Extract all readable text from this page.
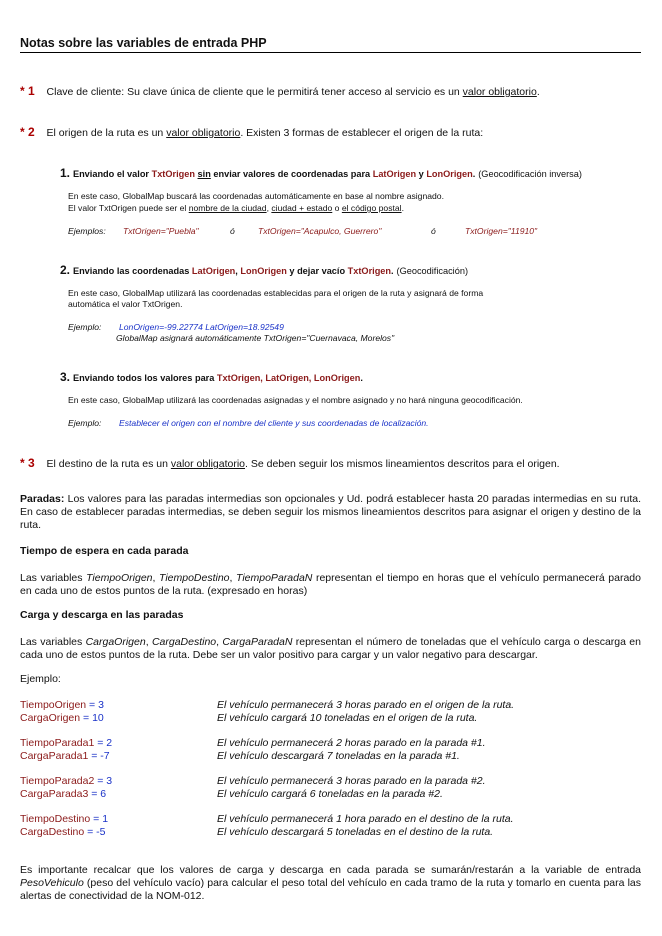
Notas sobre las variables de entrada PHP
* 1 Clave de cliente: Su clave única de cliente que le permitirá tener acceso al servicio es un valor obligatorio.
* 2 El origen de la ruta es un valor obligatorio. Existen 3 formas de establecer el origen de la ruta:
1. Enviando el valor TxtOrigen sin enviar valores de coordenadas para LatOrigen y LonOrigen. (Geocodificación inversa)
En este caso, GlobalMap buscará las coordenadas automáticamente en base al nombre asignado.
El valor TxtOrigen puede ser el nombre de la ciudad, ciudad + estado o el código postal.
Ejemplos: TxtOrigen="Puebla"	ó	TxtOrigen="Acapulco, Guerrero"	ó	TxtOrigen="11910"
2. Enviando las coordenadas LatOrigen, LonOrigen y dejar vacío TxtOrigen. (Geocodificación)
En este caso, GlobalMap utilizará las coordenadas establecidas para el origen de la ruta y asignará de forma
automática el valor TxtOrigen.
Ejemplo: LonOrigen=-99.22774 LatOrigen=18.92549
GlobalMap asignará automáticamente TxtOrigen="Cuernavaca, Morelos"
3. Enviando todos los valores para TxtOrigen, LatOrigen, LonOrigen.
En este caso, GlobalMap utilizará las coordenadas asignadas y el nombre asignado y no hará ninguna geocodificación.
Ejemplo: Establecer el origen con el nombre del cliente y sus coordenadas de localización.
* 3 El destino de la ruta es un valor obligatorio. Se deben seguir los mismos lineamientos descritos para el origen.
Paradas: Los valores para las paradas intermedias son opcionales y Ud. podrá establecer hasta 20 paradas intermedias en su ruta. En caso de establecer paradas intermedias, se deben seguir los mismos lineamientos descritos para asignar el origen y destino de la ruta.
Tiempo de espera en cada parada
Las variables TiempoOrigen, TiempoDestino, TiempoParadaN representan el tiempo en horas que el vehículo permanecerá parado en cada uno de estos puntos de la ruta. (expresado en horas)
Carga y descarga en las paradas
Las variables CargaOrigen, CargaDestino, CargaParadaN representan el número de toneladas que el vehículo carga o descarga en cada uno de estos puntos de la ruta. Debe ser un valor positivo para cargar y un valor negativo para descargar.
Ejemplo:
TiempoOrigen = 3	El vehículo permanecerá 3 horas parado en el origen de la ruta.
CargaOrigen = 10	El vehículo cargará 10 toneladas en el origen de la ruta.
TiempoParada1 = 2	El vehículo permanecerá 2 horas parado en la parada #1.
CargaParada1 = -7	El vehículo descargará 7 toneladas en la parada #1.
TiempoParada2 = 3	El vehículo permanecerá 3 horas parado en la parada #2.
CargaParada3 = 6	El vehículo cargará 6 toneladas en la parada #2.
TiempoDestino = 1	El vehículo permanecerá 1 hora parado en el destino de la ruta.
CargaDestino = -5	El vehículo descargará 5 toneladas en el destino de la ruta.
Es importante recalcar que los valores de carga y descarga en cada parada se sumarán/restarán a la variable de entrada PesoVehiculo (peso del vehículo vacío) para calcular el peso total del vehículo en cada tramo de la ruta y tomarlo en cuenta para las alertas de conectividad de la NOM-012.
